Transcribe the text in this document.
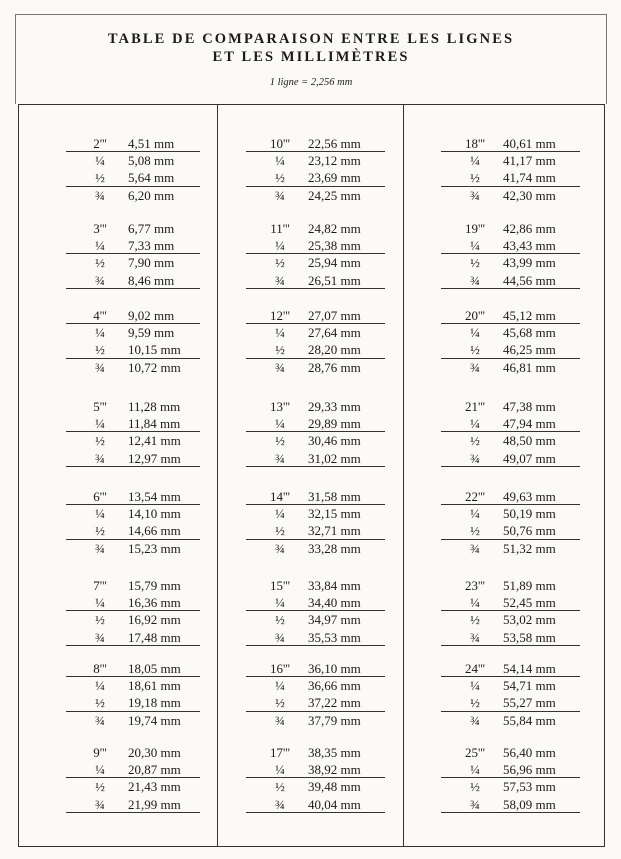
TABLE DE COMPARAISON ENTRE LES LIGNES
ET LES MILLIMÈTRES
1 ligne = 2,256 mm
2'''	4,51 mm
¼	5,08 mm
½	5,64 mm
¾	6,20 mm
3'''	6,77 mm
¼	7,33 mm
½	7,90 mm
¾	8,46 mm
4'''	9,02 mm
¼	9,59 mm
½	10,15 mm
¾	10,72 mm
5'''	11,28 mm
¼	11,84 mm
½	12,41 mm
¾	12,97 mm
6'''	13,54 mm
¼	14,10 mm
½	14,66 mm
¾	15,23 mm
7'''	15,79 mm
¼	16,36 mm
½	16,92 mm
¾	17,48 mm
8'''	18,05 mm
¼	18,61 mm
½	19,18 mm
¾	19,74 mm
9'''	20,30 mm
¼	20,87 mm
½	21,43 mm
¾	21,99 mm
10'''	22,56 mm
¼	23,12 mm
½	23,69 mm
¾	24,25 mm
11'''	24,82 mm
¼	25,38 mm
½	25,94 mm
¾	26,51 mm
12'''	27,07 mm
¼	27,64 mm
½	28,20 mm
¾	28,76 mm
13'''	29,33 mm
¼	29,89 mm
½	30,46 mm
¾	31,02 mm
14'''	31,58 mm
¼	32,15 mm
½	32,71 mm
¾	33,28 mm
15'''	33,84 mm
¼	34,40 mm
½	34,97 mm
¾	35,53 mm
16'''	36,10 mm
¼	36,66 mm
½	37,22 mm
¾	37,79 mm
17'''	38,35 mm
¼	38,92 mm
½	39,48 mm
¾	40,04 mm
18'''	40,61 mm
¼	41,17 mm
½	41,74 mm
¾	42,30 mm
19'''	42,86 mm
¼	43,43 mm
½	43,99 mm
¾	44,56 mm
20'''	45,12 mm
¼	45,68 mm
½	46,25 mm
¾	46,81 mm
21'''	47,38 mm
¼	47,94 mm
½	48,50 mm
¾	49,07 mm
22'''	49,63 mm
¼	50,19 mm
½	50,76 mm
¾	51,32 mm
23'''	51,89 mm
¼	52,45 mm
½	53,02 mm
¾	53,58 mm
24'''	54,14 mm
¼	54,71 mm
½	55,27 mm
¾	55,84 mm
25'''	56,40 mm
¼	56,96 mm
½	57,53 mm
¾	58,09 mm
